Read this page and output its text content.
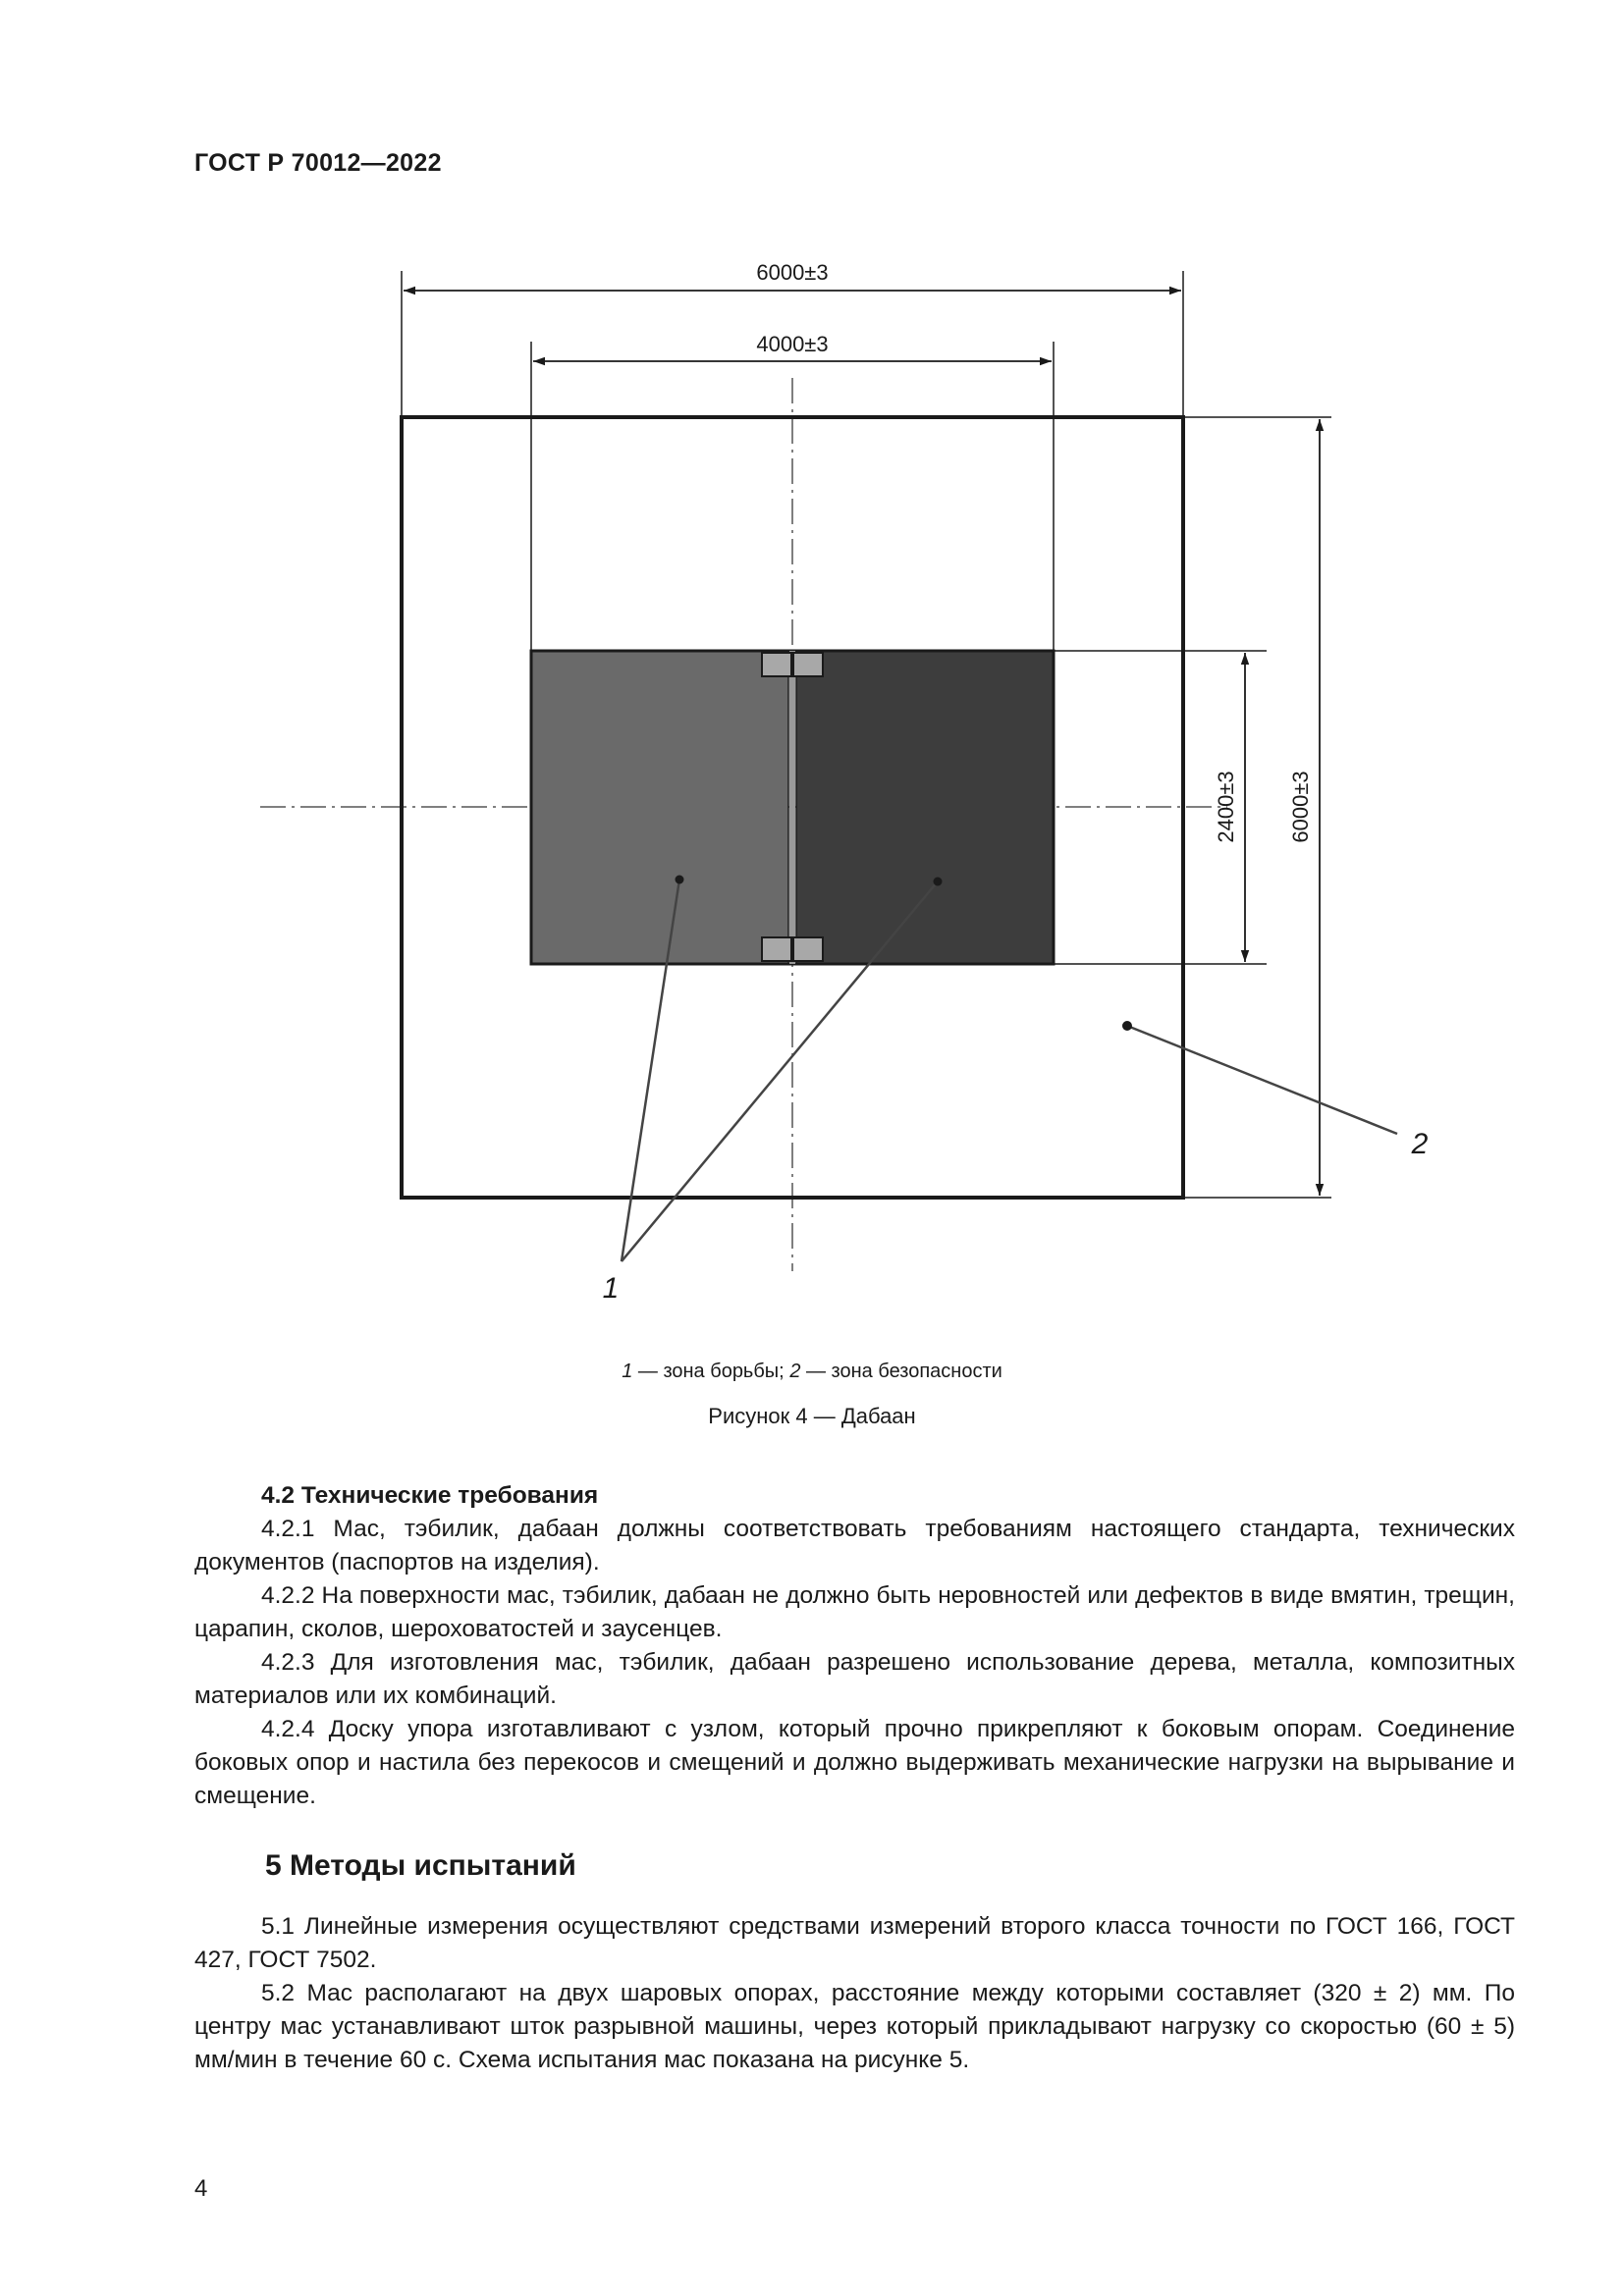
ГОСТ Р 70012—2022
6000±3
4000±3
2400±3 6000±3
1
2
1 — зона борьбы; 2 — зона безопасности
Рисунок 4 — Дабаан

4.2 Технические требования

4.2.1 Мас, тэбилик, дабаан должны соответствовать требованиям настоящего стандарта, технических документов (паспортов на изделия).

4.2.2 На поверхности мас, тэбилик, дабаан не должно быть неровностей или дефектов в виде вмятин, трещин, царапин, сколов, шероховатостей и заусенцев.

4.2.3 Для изготовления мас, тэбилик, дабаан разрешено использование дерева, металла, композитных материалов или их комбинаций.

4.2.4 Доску упора изготавливают с узлом, который прочно прикрепляют к боковым опорам. Соединение боковых опор и настила без перекосов и смещений и должно выдерживать механические нагрузки на вырывание и смещение.

5 Методы испытаний

5.1 Линейные измерения осуществляют средствами измерений второго класса точности по ГОСТ 166, ГОСТ 427, ГОСТ 7502.

5.2 Мас располагают на двух шаровых опорах, расстояние между которыми составляет (320 ± 2) мм. По центру мас устанавливают шток разрывной машины, через который прикладывают нагрузку со скоростью (60 ± 5) мм/мин в течение 60 с. Схема испытания мас показана на рисунке 5.

4
